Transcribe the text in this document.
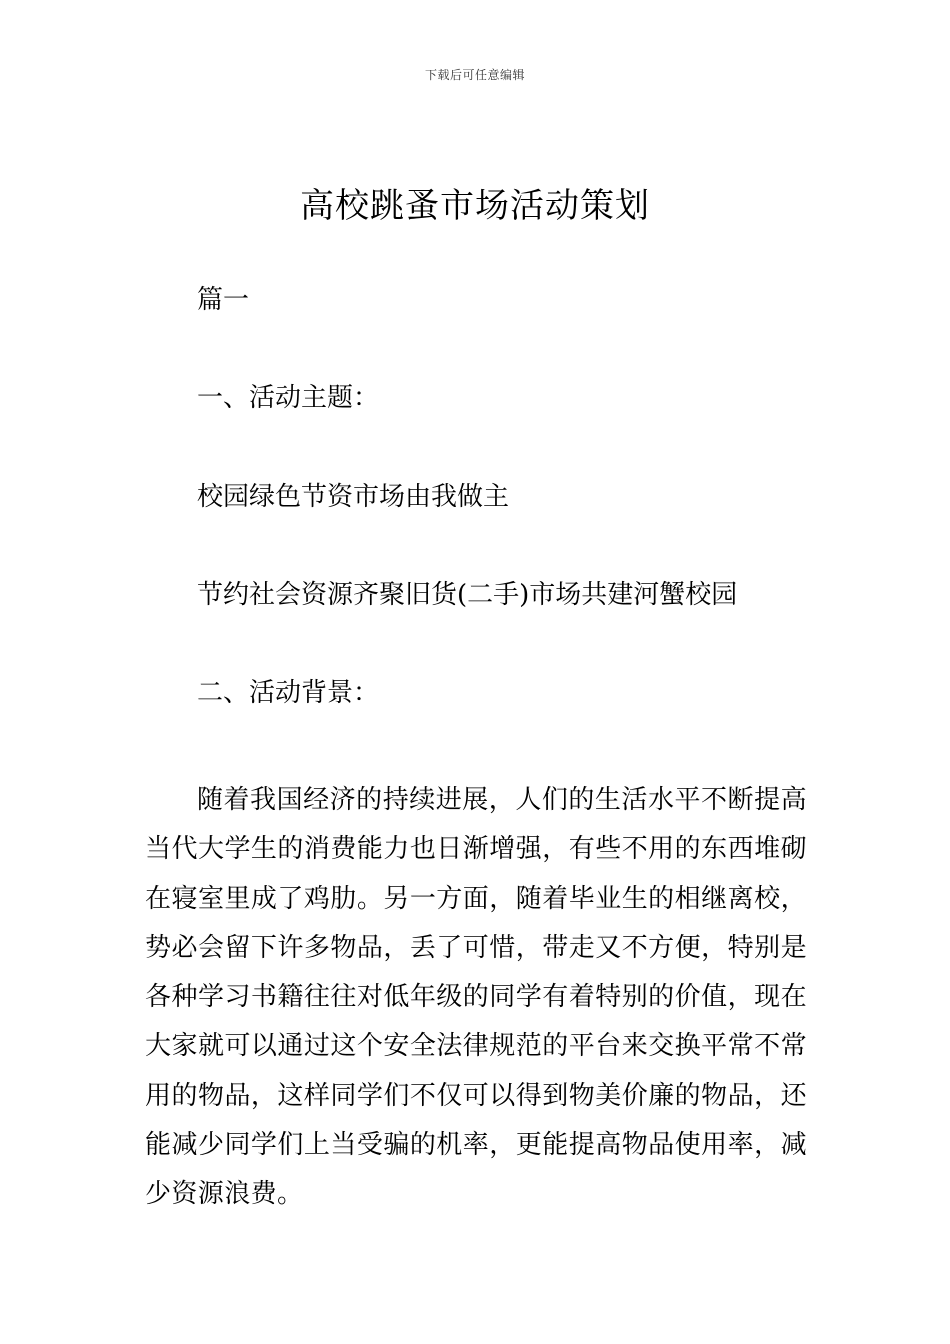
下载后可任意编辑
高校跳蚤市场活动策划
篇一
一、活动主题：
校园绿色节资市场由我做主
节约社会资源齐聚旧货(二手)市场共建河蟹校园
二、活动背景：
随着我国经济的持续进展，人们的生活水平不断提高当代大学生的消费能力也日渐增强，有些不用的东西堆砌在寝室里成了鸡肋。另一方面，随着毕业生的相继离校，势必会留下许多物品，丢了可惜，带走又不方便，特别是各种学习书籍往往对低年级的同学有着特别的价值，现在大家就可以通过这个安全法律规范的平台来交换平常不常用的物品，这样同学们不仅可以得到物美价廉的物品，还能减少同学们上当受骗的机率，更能提高物品使用率，减少资源浪费。
